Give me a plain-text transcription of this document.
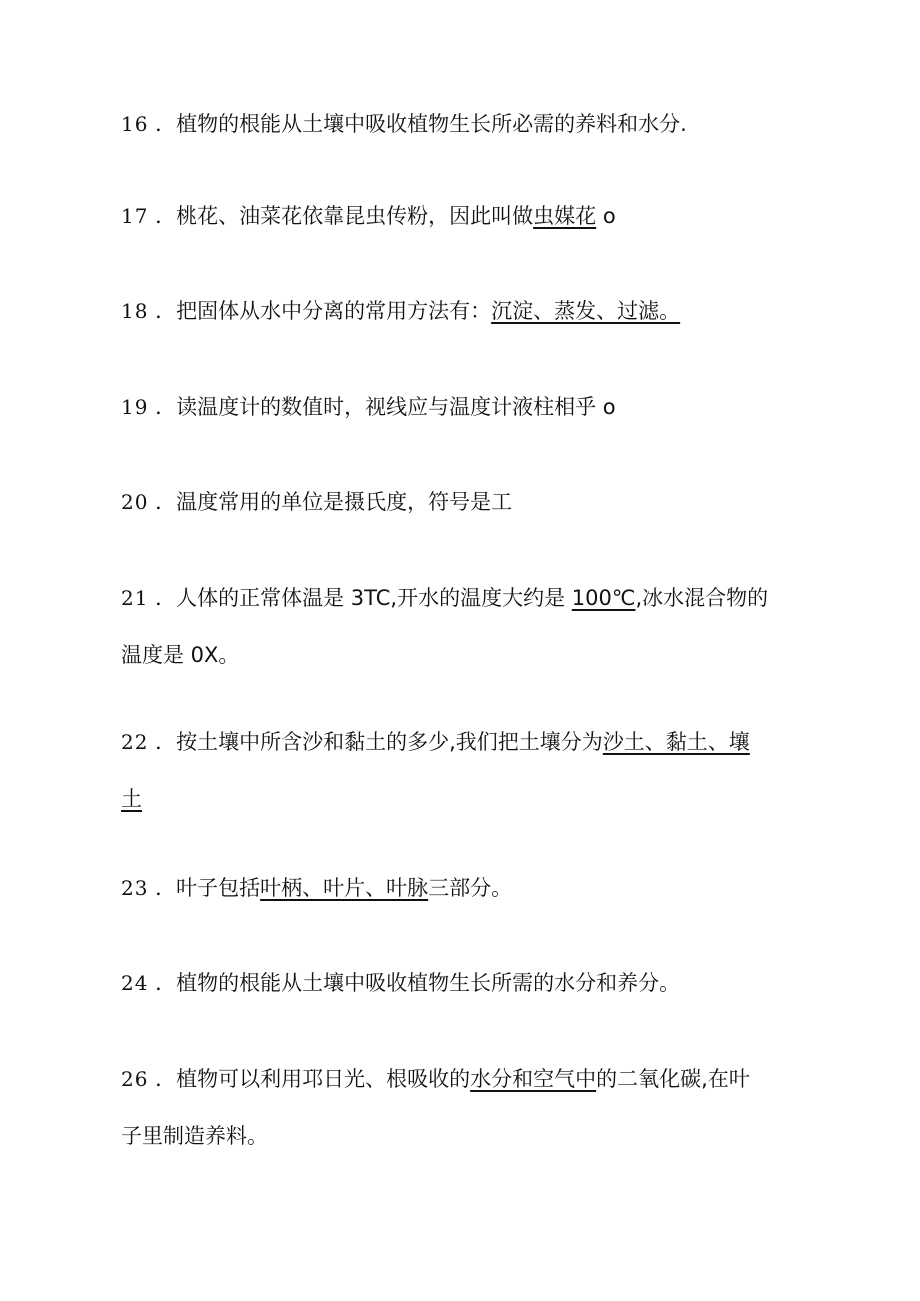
16 ．植物的根能从土壤中吸收植物生长所必需的养料和水分.
17 ．桃花、油菜花依靠昆虫传粉，因此叫做虫媒花 o
18 ．把固体从水中分离的常用方法有：沉淀、蒸发、过滤。
19 ．读温度计的数值时，视线应与温度计液柱相乎 o
20 ．温度常用的单位是摄氏度，符号是工
21 ．人体的正常体温是 3TC,开水的温度大约是 100℃,冰水混合物的
温度是 0X。
22 ．按土壤中所含沙和黏土的多少,我们把土壤分为沙土、黏土、壤
土
23 ．叶子包括叶柄、叶片、叶脉三部分。
24 ．植物的根能从土壤中吸收植物生长所需的水分和养分。
26 ．植物可以利用邛日光、根吸收的水分和空气中的二氧化碳,在叶
子里制造养料。
